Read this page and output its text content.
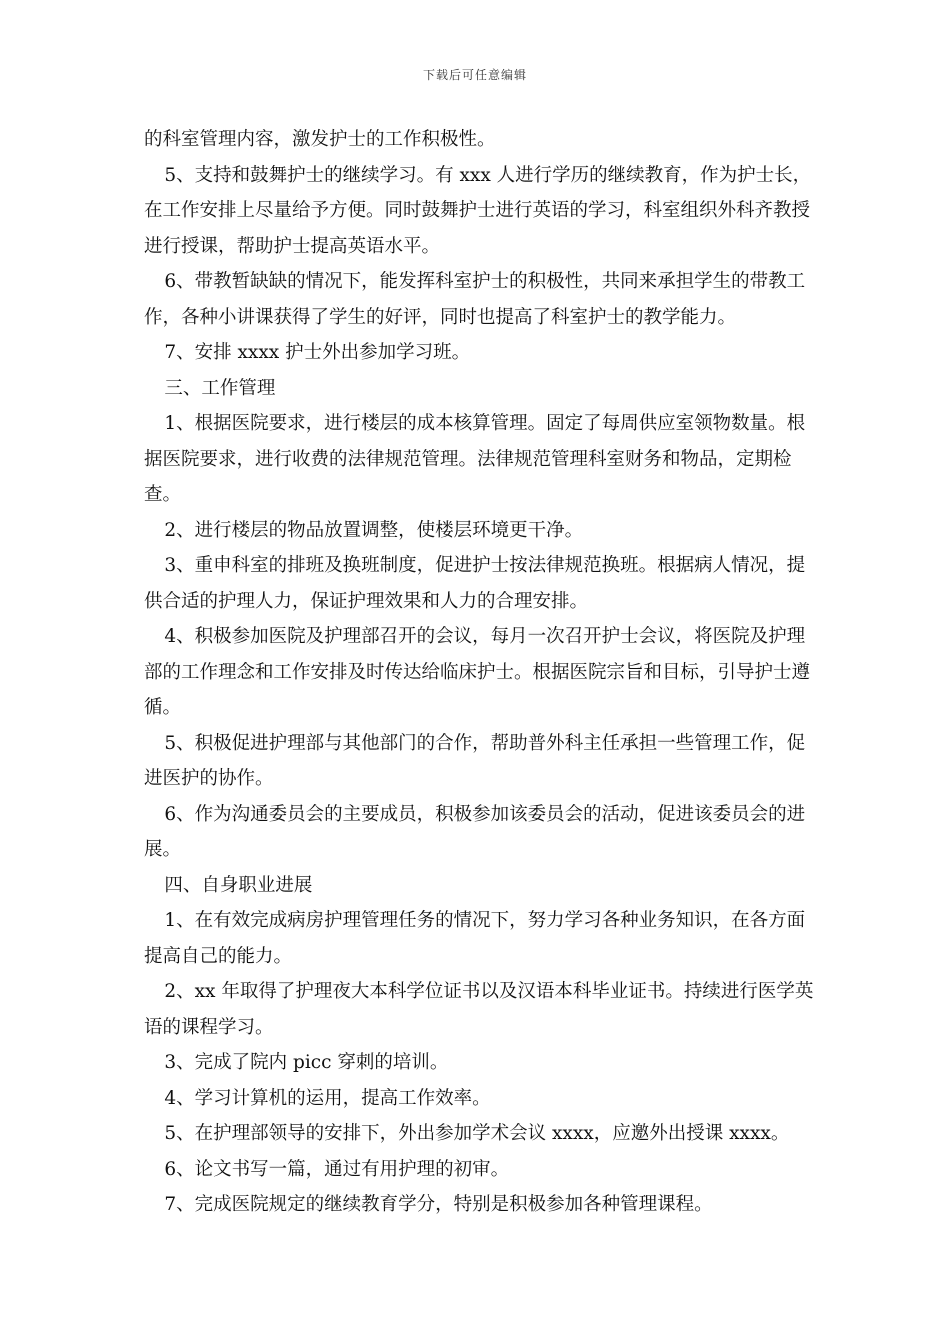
下载后可任意编辑

的科室管理内容，激发护士的工作积极性。

5、支持和鼓舞护士的继续学习。有 xxx 人进行学历的继续教育，作为护士长，在工作安排上尽量给予方便。同时鼓舞护士进行英语的学习，科室组织外科齐教授进行授课，帮助护士提高英语水平。

6、带教暂缺缺的情况下，能发挥科室护士的积极性，共同来承担学生的带教工作，各种小讲课获得了学生的好评，同时也提高了科室护士的教学能力。

7、安排 xxxx 护士外出参加学习班。

三、工作管理

1、根据医院要求，进行楼层的成本核算管理。固定了每周供应室领物数量。根据医院要求，进行收费的法律规范管理。法律规范管理科室财务和物品，定期检查。

2、进行楼层的物品放置调整，使楼层环境更干净。

3、重申科室的排班及换班制度，促进护士按法律规范换班。根据病人情况，提供合适的护理人力，保证护理效果和人力的合理安排。

4、积极参加医院及护理部召开的会议，每月一次召开护士会议，将医院及护理部的工作理念和工作安排及时传达给临床护士。根据医院宗旨和目标，引导护士遵循。

5、积极促进护理部与其他部门的合作，帮助普外科主任承担一些管理工作，促进医护的协作。

6、作为沟通委员会的主要成员，积极参加该委员会的活动，促进该委员会的进展。

四、自身职业进展

1、在有效完成病房护理管理任务的情况下，努力学习各种业务知识，在各方面提高自己的能力。

2、xx 年取得了护理夜大本科学位证书以及汉语本科毕业证书。持续进行医学英语的课程学习。

3、完成了院内 picc 穿刺的培训。

4、学习计算机的运用，提高工作效率。

5、在护理部领导的安排下，外出参加学术会议 xxxx，应邀外出授课 xxxx。

6、论文书写一篇，通过有用护理的初审。

7、完成医院规定的继续教育学分，特别是积极参加各种管理课程。
